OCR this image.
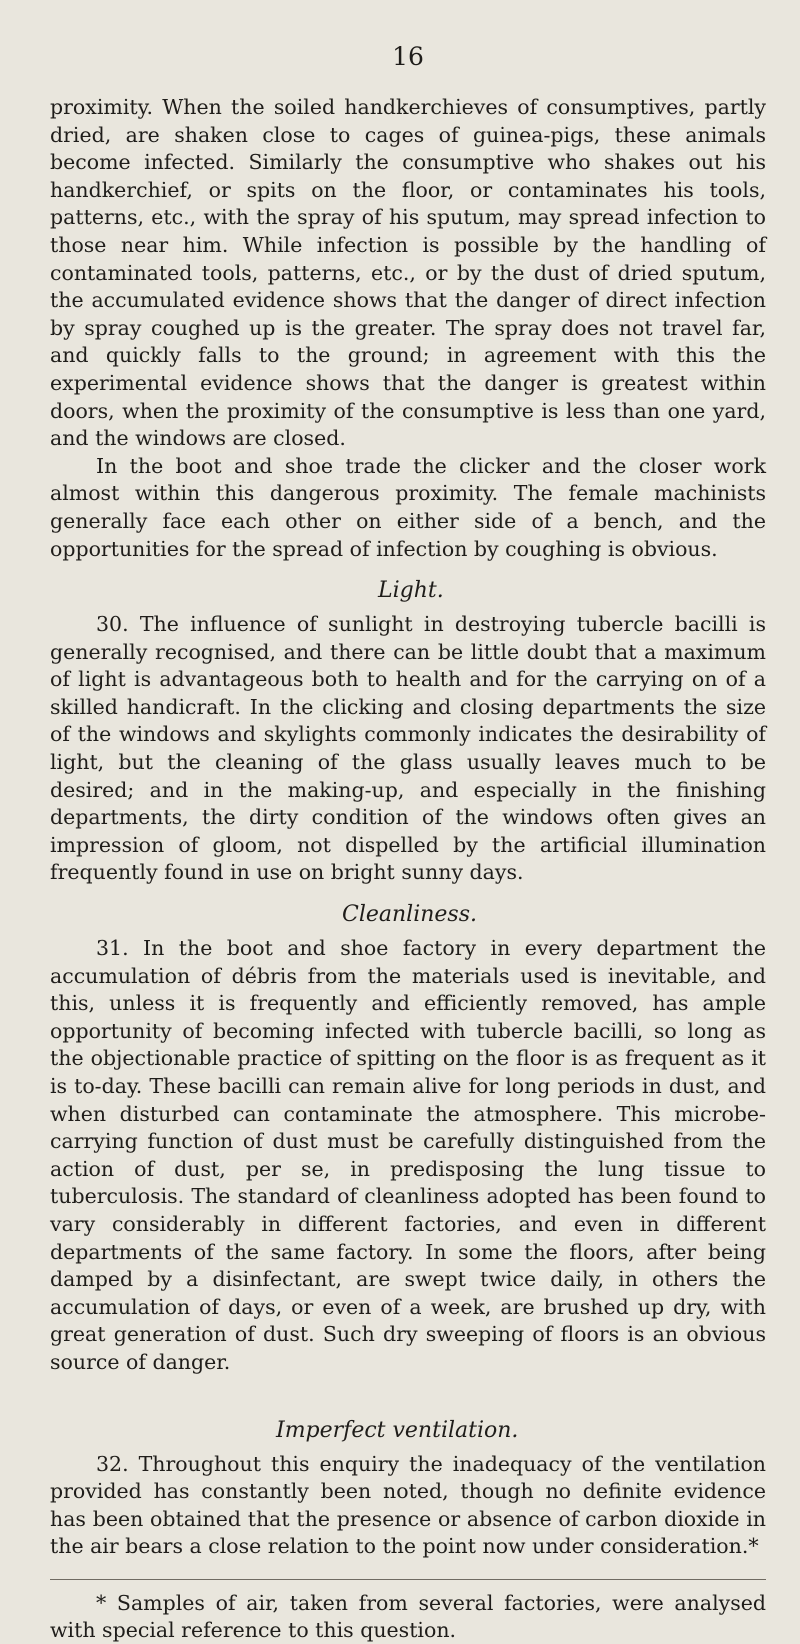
16

proximity. When the soiled handkerchieves of consumptives, partly dried, are shaken close to cages of guinea-pigs, these animals become infected. Similarly the consumptive who shakes out his handkerchief, or spits on the floor, or contaminates his tools, patterns, etc., with the spray of his sputum, may spread infection to those near him. While infection is possible by the handling of contaminated tools, patterns, etc., or by the dust of dried sputum, the accumulated evidence shows that the danger of direct infection by spray coughed up is the greater. The spray does not travel far, and quickly falls to the ground; in agreement with this the experimental evidence shows that the danger is greatest within doors, when the proximity of the consumptive is less than one yard, and the windows are closed.

In the boot and shoe trade the clicker and the closer work almost within this dangerous proximity. The female machinists generally face each other on either side of a bench, and the opportunities for the spread of infection by coughing is obvious.

Light.

30. The influence of sunlight in destroying tubercle bacilli is generally recognised, and there can be little doubt that a maximum of light is advantageous both to health and for the carrying on of a skilled handicraft. In the clicking and closing departments the size of the windows and skylights commonly indicates the desirability of light, but the cleaning of the glass usually leaves much to be desired; and in the making-up, and especially in the finishing departments, the dirty condition of the windows often gives an impression of gloom, not dispelled by the artificial illumination frequently found in use on bright sunny days.

Cleanliness.

31. In the boot and shoe factory in every department the accumulation of débris from the materials used is inevitable, and this, unless it is frequently and efficiently removed, has ample opportunity of becoming infected with tubercle bacilli, so long as the objectionable practice of spitting on the floor is as frequent as it is to-day. These bacilli can remain alive for long periods in dust, and when disturbed can contaminate the atmosphere. This microbe-carrying function of dust must be carefully distinguished from the action of dust, per se, in predisposing the lung tissue to tuberculosis. The standard of cleanliness adopted has been found to vary considerably in different factories, and even in different departments of the same factory. In some the floors, after being damped by a disinfectant, are swept twice daily, in others the accumulation of days, or even of a week, are brushed up dry, with great generation of dust. Such dry sweeping of floors is an obvious source of danger.

Imperfect ventilation.

32. Throughout this enquiry the inadequacy of the ventilation provided has constantly been noted, though no definite evidence has been obtained that the presence or absence of carbon dioxide in the air bears a close relation to the point now under consideration.*

* Samples of air, taken from several factories, were analysed with special reference to this question.
